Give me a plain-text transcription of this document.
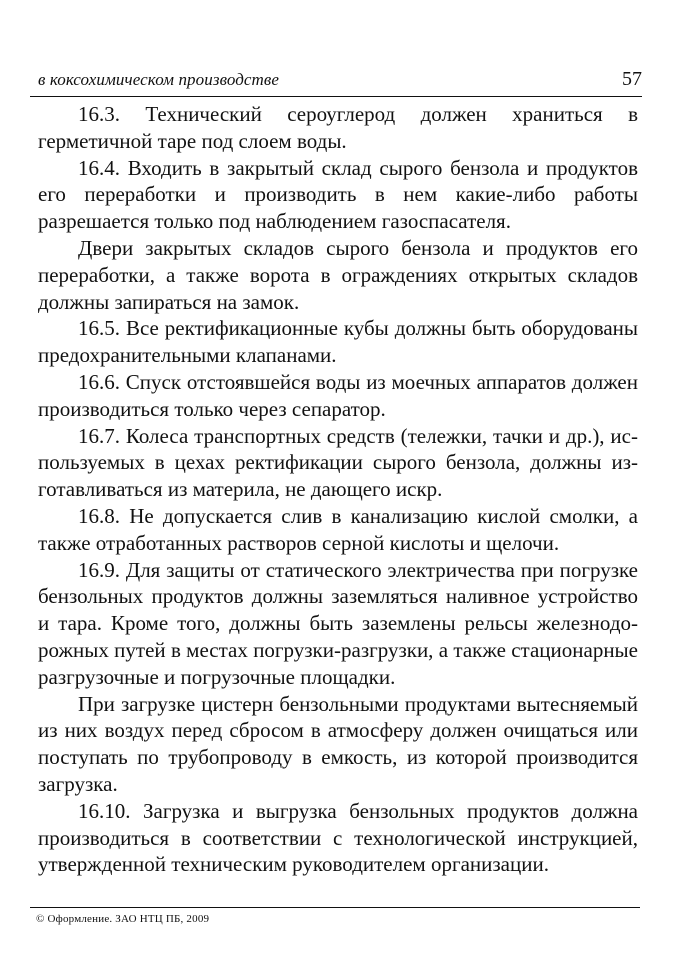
в коксохимическом производстве	57

16.3. Технический сероуглерод должен храниться в герметичной таре под слоем воды.

16.4. Входить в закрытый склад сырого бензола и продуктов его переработки и производить в нем какие-либо работы разрешается только под наблюдением газоспасателя.

Двери закрытых складов сырого бензола и продуктов его переработки, а также ворота в ограждениях открытых складов должны запираться на замок.

16.5. Все ректификационные кубы должны быть оборудованы предохранительными клапанами.

16.6. Спуск отстоявшейся воды из моечных аппаратов должен производиться только через сепаратор.

16.7. Колеса транспортных средств (тележки, тачки и др.), используемых в цехах ректификации сырого бензола, должны изготавливаться из материла, не дающего искр.

16.8. Не допускается слив в канализацию кислой смолки, а также отработанных растворов серной кислоты и щелочи.

16.9. Для защиты от статического электричества при погрузке бензольных продуктов должны заземляться наливное устройство и тара. Кроме того, должны быть заземлены рельсы железнодорожных путей в местах погрузки-разгрузки, а также стационарные разгрузочные и погрузочные площадки.

При загрузке цистерн бензольными продуктами вытесняемый из них воздух перед сбросом в атмосферу должен очищаться или поступать по трубопроводу в емкость, из которой производится загрузка.

16.10. Загрузка и выгрузка бензольных продуктов должна производиться в соответствии с технологической инструкцией, утвержденной техническим руководителем организации.

© Оформление. ЗАО НТЦ ПБ, 2009
